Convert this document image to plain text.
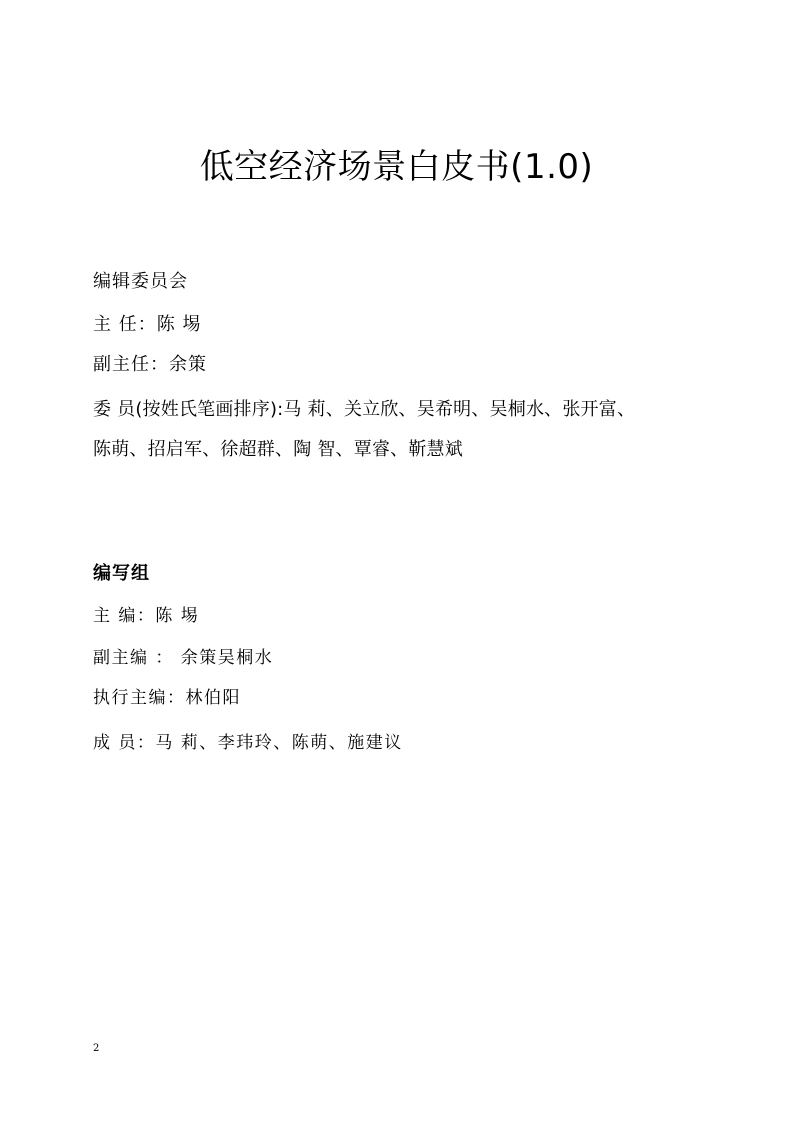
低空经济场景白皮书(1.0)
编辑委员会
主 任：陈 埸
副主任：余策
委 员(按姓氏笔画排序):马 莉、关立欣、吴希明、吴桐水、张开富、
陈萌、招启军、徐超群、陶 智、覃睿、靳慧斌
编写组
主 编：陈 埸
副主编 ： 余策吴桐水
执行主编：林伯阳
成 员：马 莉、李玮玲、陈萌、施建议
2
